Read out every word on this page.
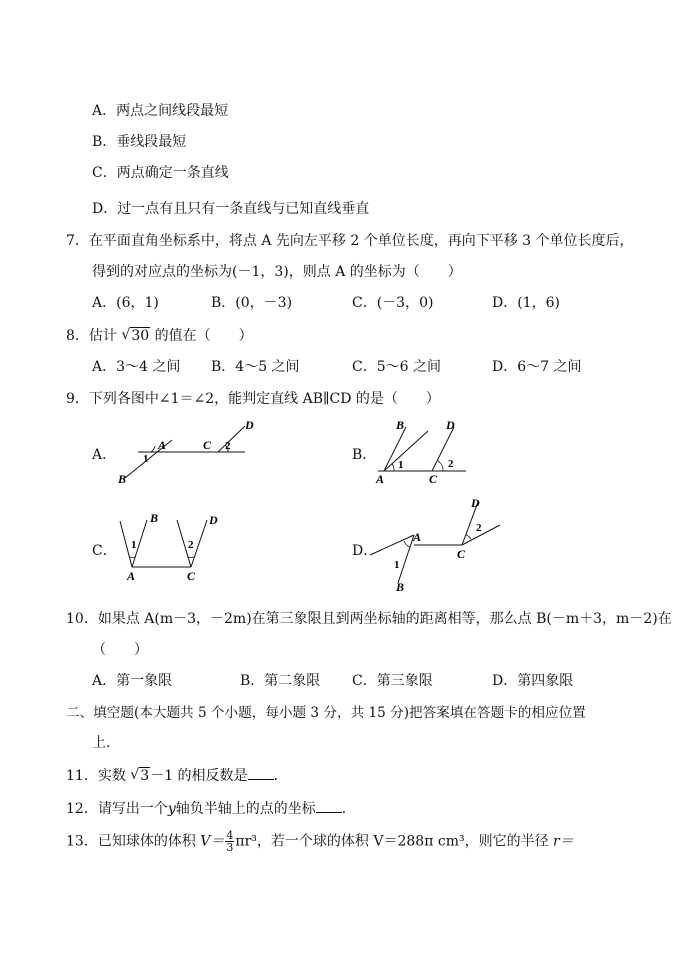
A．两点之间线段最短
B．垂线段最短
C．两点确定一条直线
D．过一点有且只有一条直线与已知直线垂直
7．在平面直角坐标系中，将点 A 先向左平移 2 个单位长度，再向下平移 3 个单位长度后，
得到的对应点的坐标为(－1，3)，则点 A 的坐标为（　　）
A．(6，1)	B．(0，－3)	C．(－3，0)	D．(1，6)
8．估计 √ 30 的值在（　　）
A．3～4 之间 B．4～5 之间	C．5～6 之间	D．6～7 之间
9．下列各图中∠1＝∠2，能判定直线 AB∥CD 的是（　　）
A．	B．
C．	D．
A
B
C
D
1
2
B	D
A	C
1	2
B	D
A	C
1	2
A
B
C
D
1
2
10．如果点 A(m－3，－2m)在第三象限且到两坐标轴的距离相等，那么点 B(－m＋3，m－2)在
（　　）
A．第一象限	B．第二象限 C．第三象限	D．第四象限
二、填空题(本大题共 5 个小题，每小题 3 分，共 15 分)把答案填在答题卡的相应位置
上.
11．实数 √ 3－1 的相反数是 ．
12．请写出一个y轴负半轴上的点的坐标 ．
13．已知球体的体积 $V= \frac{4}{3} \pi r^3$，若一个球的体积 V＝288π cm³，则它的半径 r＝
